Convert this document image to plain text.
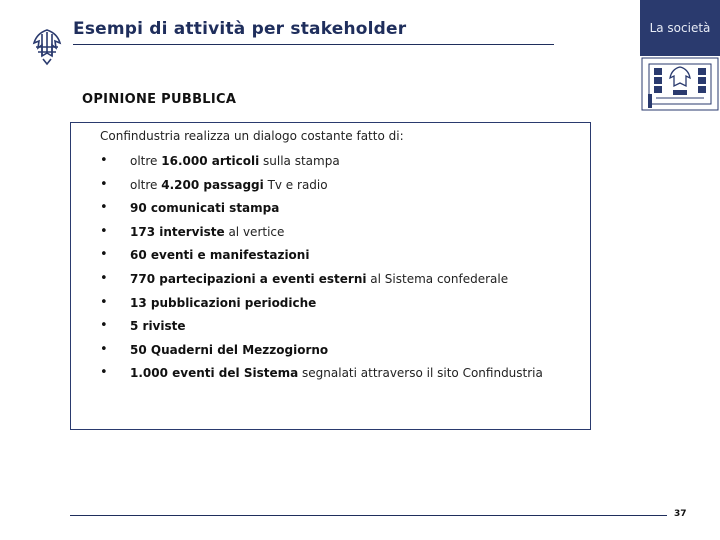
Esempi di attività per stakeholder	La società
OPINIONE PUBBLICA
Confindustria realizza un dialogo costante fatto di:
• oltre 16.000 articoli sulla stampa
• oltre 4.200 passaggi Tv e radio
• 90 comunicati stampa
• 173 interviste al vertice
• 60 eventi e manifestazioni
• 770 partecipazioni a eventi esterni al Sistema confederale
• 13 pubblicazioni periodiche
• 5 riviste
• 50 Quaderni del Mezzogiorno
• 1.000 eventi del Sistema segnalati attraverso il sito Confindustria
37
